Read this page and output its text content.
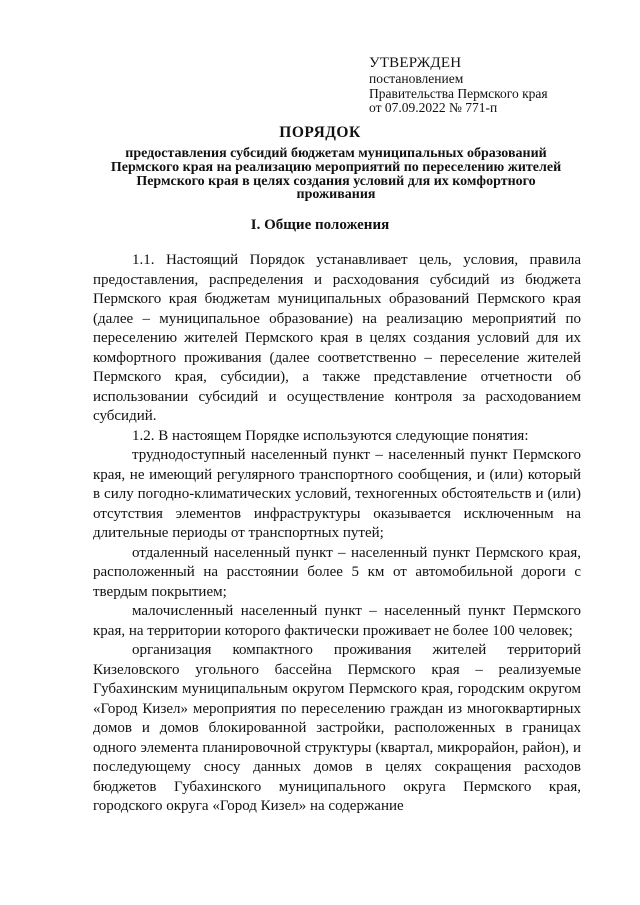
УТВЕРЖДЕН
постановлением
Правительства Пермского края
от 07.09.2022 № 771-п
ПОРЯДОК
предоставления субсидий бюджетам муниципальных образований Пермского края на реализацию мероприятий по переселению жителей Пермского края в целях создания условий для их комфортного проживания
I. Общие положения

1.1. Настоящий Порядок устанавливает цель, условия, правила предоставления, распределения и расходования субсидий из бюджета Пермского края бюджетам муниципальных образований Пермского края (далее – муниципальное образование) на реализацию мероприятий по переселению жителей Пермского края в целях создания условий для их комфортного проживания (далее соответственно – переселение жителей Пермского края, субсидии), а также представление отчетности об использовании субсидий и осуществление контроля за расходованием субсидий.

1.2. В настоящем Порядке используются следующие понятия:

труднодоступный населенный пункт – населенный пункт Пермского края, не имеющий регулярного транспортного сообщения, и (или) который в силу погодно-климатических условий, техногенных обстоятельств и (или) отсутствия элементов инфраструктуры оказывается исключенным на длительные периоды от транспортных путей;

отдаленный населенный пункт – населенный пункт Пермского края, расположенный на расстоянии более 5 км от автомобильной дороги с твердым покрытием;

малочисленный населенный пункт – населенный пункт Пермского края, на территории которого фактически проживает не более 100 человек;

организация компактного проживания жителей территорий Кизеловского угольного бассейна Пермского края – реализуемые Губахинским муниципальным округом Пермского края, городским округом «Город Кизел» мероприятия по переселению граждан из многоквартирных домов и домов блокированной застройки, расположенных в границах одного элемента планировочной структуры (квартал, микрорайон, район), и последующему сносу данных домов в целях сокращения расходов бюджетов Губахинского муниципального округа Пермского края, городского округа «Город Кизел» на содержание
